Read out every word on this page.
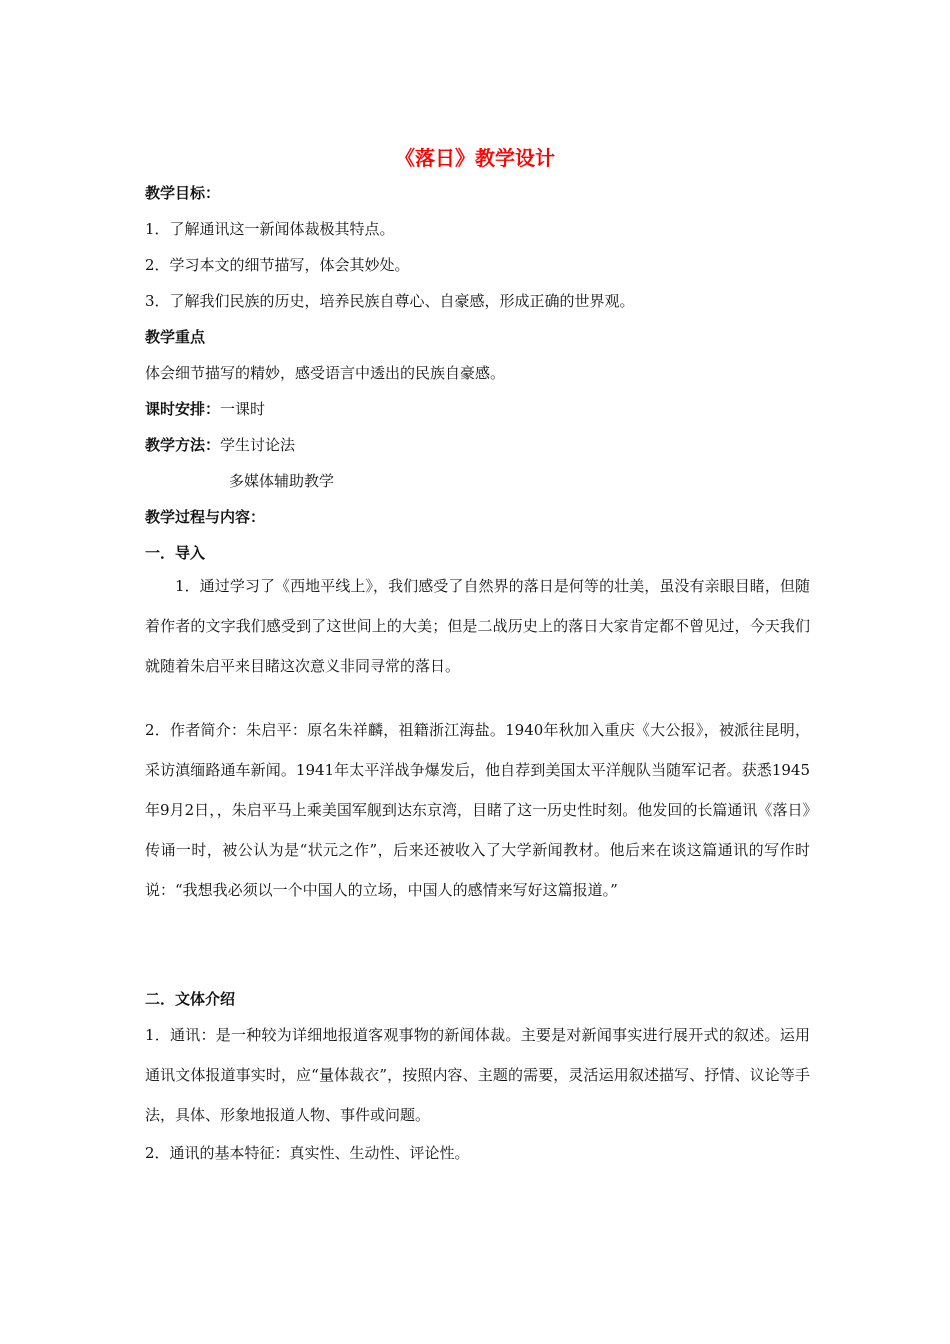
《落日》教学设计
教学目标：
1．了解通讯这一新闻体裁极其特点。
2．学习本文的细节描写，体会其妙处。
3．了解我们民族的历史，培养民族自尊心、自豪感，形成正确的世界观。
教学重点
体会细节描写的精妙，感受语言中透出的民族自豪感。
课时安排：一课时
教学方法：学生讨论法
多媒体辅助教学
教学过程与内容：
一．导入
1．通过学习了《西地平线上》，我们感受了自然界的落日是何等的壮美，虽没有亲眼目睹，但随着作者的文字我们感受到了这世间上的大美；但是二战历史上的落日大家肯定都不曾见过，今天我们就随着朱启平来目睹这次意义非同寻常的落日。
2．作者简介：朱启平：原名朱祥麟，祖籍浙江海盐。1940年秋加入重庆《大公报》，被派往昆明，采访滇缅路通车新闻。1941年太平洋战争爆发后，他自荐到美国太平洋舰队当随军记者。获悉1945年9月2日，，朱启平马上乘美国军舰到达东京湾，目睹了这一历史性时刻。他发回的长篇通讯《落日》传诵一时，被公认为是“状元之作”，后来还被收入了大学新闻教材。他后来在谈这篇通讯的写作时说：“我想我必须以一个中国人的立场，中国人的感情来写好这篇报道。”
二．文体介绍
1．通讯：是一种较为详细地报道客观事物的新闻体裁。主要是对新闻事实进行展开式的叙述。运用通讯文体报道事实时，应“量体裁衣”，按照内容、主题的需要，灵活运用叙述描写、抒情、议论等手法，具体、形象地报道人物、事件或问题。
2．通讯的基本特征：真实性、生动性、评论性。
